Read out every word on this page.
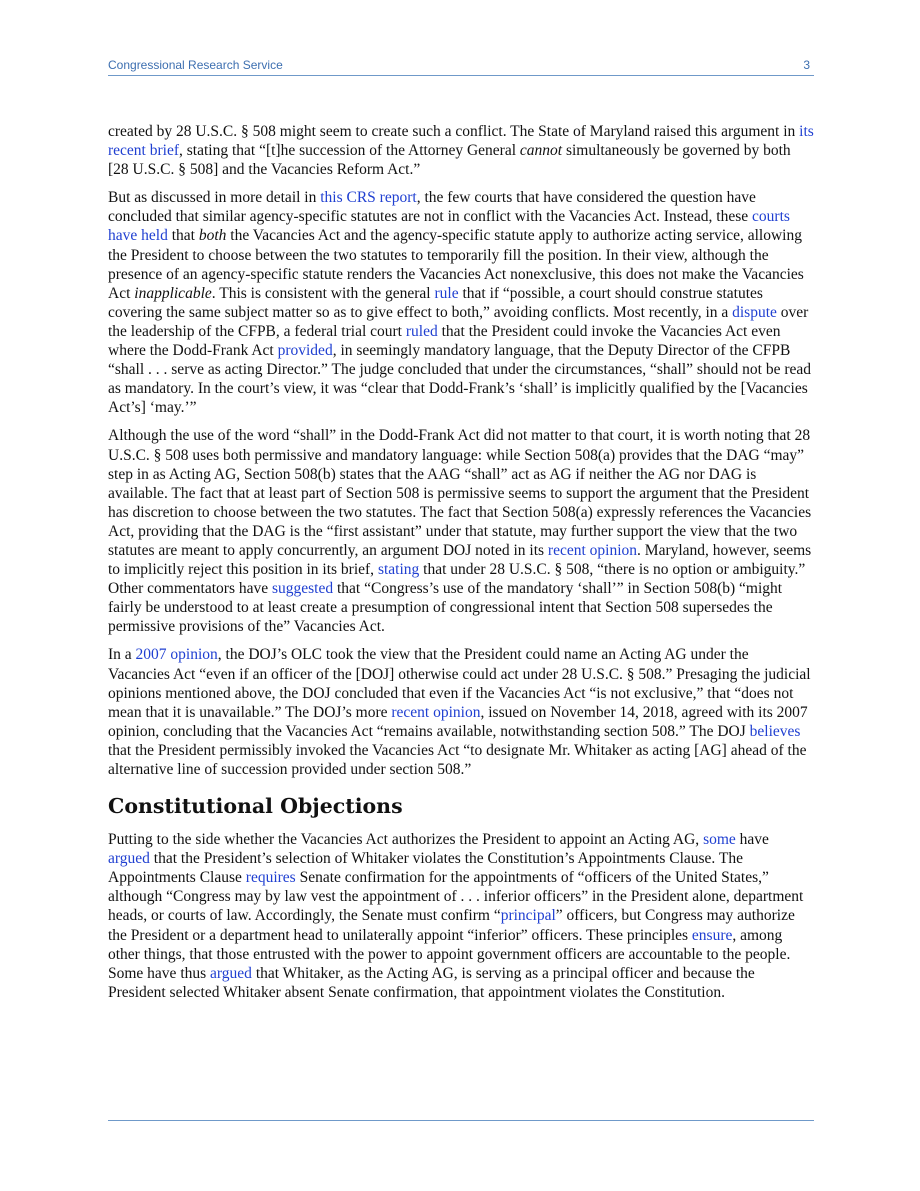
Congressional Research Service	3

created by 28 U.S.C. § 508 might seem to create such a conflict. The State of Maryland raised this argument in its recent brief, stating that “[t]he succession of the Attorney General cannot simultaneously be governed by both [28 U.S.C. § 508] and the Vacancies Reform Act.”

But as discussed in more detail in this CRS report, the few courts that have considered the question have concluded that similar agency-specific statutes are not in conflict with the Vacancies Act. Instead, these courts have held that both the Vacancies Act and the agency-specific statute apply to authorize acting service, allowing the President to choose between the two statutes to temporarily fill the position. In their view, although the presence of an agency-specific statute renders the Vacancies Act nonexclusive, this does not make the Vacancies Act inapplicable. This is consistent with the general rule that if “possible, a court should construe statutes covering the same subject matter so as to give effect to both,” avoiding conflicts. Most recently, in a dispute over the leadership of the CFPB, a federal trial court ruled that the President could invoke the Vacancies Act even where the Dodd-Frank Act provided, in seemingly mandatory language, that the Deputy Director of the CFPB “shall . . . serve as acting Director.” The judge concluded that under the circumstances, “shall” should not be read as mandatory. In the court’s view, it was “clear that Dodd-Frank’s ‘shall’ is implicitly qualified by the [Vacancies Act’s] ‘may.’”

Although the use of the word “shall” in the Dodd-Frank Act did not matter to that court, it is worth noting that 28 U.S.C. § 508 uses both permissive and mandatory language: while Section 508(a) provides that the DAG “may” step in as Acting AG, Section 508(b) states that the AAG “shall” act as AG if neither the AG nor DAG is available. The fact that at least part of Section 508 is permissive seems to support the argument that the President has discretion to choose between the two statutes. The fact that Section 508(a) expressly references the Vacancies Act, providing that the DAG is the “first assistant” under that statute, may further support the view that the two statutes are meant to apply concurrently, an argument DOJ noted in its recent opinion. Maryland, however, seems to implicitly reject this position in its brief, stating that under 28 U.S.C. § 508, “there is no option or ambiguity.” Other commentators have suggested that “Congress’s use of the mandatory ‘shall’” in Section 508(b) “might fairly be understood to at least create a presumption of congressional intent that Section 508 supersedes the permissive provisions of the” Vacancies Act.

In a 2007 opinion, the DOJ’s OLC took the view that the President could name an Acting AG under the Vacancies Act “even if an officer of the [DOJ] otherwise could act under 28 U.S.C. § 508.” Presaging the judicial opinions mentioned above, the DOJ concluded that even if the Vacancies Act “is not exclusive,” that “does not mean that it is unavailable.” The DOJ’s more recent opinion, issued on November 14, 2018, agreed with its 2007 opinion, concluding that the Vacancies Act “remains available, notwithstanding section 508.” The DOJ believes that the President permissibly invoked the Vacancies Act “to designate Mr. Whitaker as acting [AG] ahead of the alternative line of succession provided under section 508.”

Constitutional Objections

Putting to the side whether the Vacancies Act authorizes the President to appoint an Acting AG, some have argued that the President’s selection of Whitaker violates the Constitution’s Appointments Clause. The Appointments Clause requires Senate confirmation for the appointments of “officers of the United States,” although “Congress may by law vest the appointment of . . . inferior officers” in the President alone, department heads, or courts of law. Accordingly, the Senate must confirm “principal” officers, but Congress may authorize the President or a department head to unilaterally appoint “inferior” officers. These principles ensure, among other things, that those entrusted with the power to appoint government officers are accountable to the people. Some have thus argued that Whitaker, as the Acting AG, is serving as a principal officer and because the President selected Whitaker absent Senate confirmation, that appointment violates the Constitution.
